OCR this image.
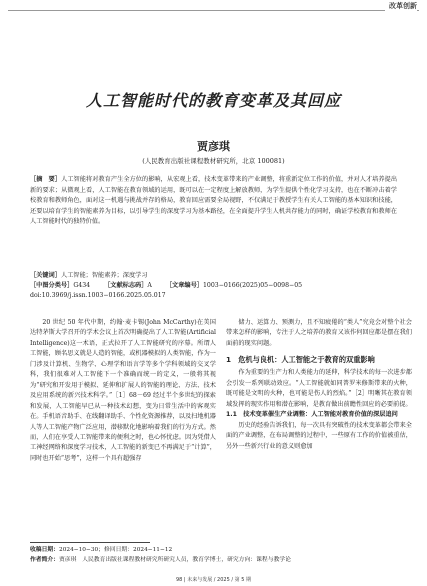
改革创新
人工智能时代的教育变革及其回应
贾彦琪
(人民教育出版社课程教材研究所，北京 100081)
［摘　要］人工智能将对教育产生全方位的影响，从宏观上看，技术变革带来的产业调整，将重新定位工作的价值，并对人才培养提出新的要求；从微观上看，人工智能在教育领域的运用，既可以在一定程度上解放教师，为学生提供个性化学习支持，也在不断冲击着学校教育和教师角色，面对这一机遇与挑战并存的格局，教育回应需要全局视野，不仅满足于教授学生有关人工智能的基本知识和技能，还要以培育学生的智能素养为目标，以引导学生的深度学习为基本路径，在全面提升学生人机共存能力的同时，确证学校教育和教师在人工智能时代的独特价值。
［关键词］人工智能；智能素养；深度学习
［中图分类号］G434 ［文献标志码］A ［文章编号］1003−0166(2025)05−0098−05
doi:10.3969/j.issn.1003−0166.2025.05.017

20 世纪 50 年代中期，约翰·麦卡锡(John McCarthy)在美国达特茅斯大学召开的学术会议上首次明确提出了人工智能(Artificial Intelligence)这一术语，正式拉开了人工智能研究的序幕。所谓人工智能，顾名思义就是人造的智能，或机器模拟的人类智能，作为一门涉及计算机、生物学、心理学和语言学等多个学科领域的交叉学科，我们很难对人工智能下一个准确而统一的定义，一般将其视为“研究和开发用于模拟、延伸和扩展人的智能的理论、方法、技术及应用系统的新兴技术科学。”［1］68－69 经过半个多世纪的探索和发展，人工智能早已从一种技术幻想，变为日常生活中的客观实在。手机语音助手、在线翻译助手、个性化资源推荐，以及扫地机器人等人工智能产物广泛应用，潜移默化地影响着我们的行为方式。然而，人们在享受人工智能带来的便利之时，也心怀忧虑。因为凭借人工神经网络和深度学习技术，人工智能的新变已不再满足于“计算”，同时也开始“思考”，这样一个具有超强存

储力、运算力、预测力，且不知疲倦的“类人”究竟会对整个社会带来怎样的影响，专注于人之培养的教育又该作何回应都是摆在我们面前的现实问题。

1　危机与良机：人工智能之于教育的双重影响

作为重要的生产力和人类能力的延伸，科学技术的每一次进步都会引发一系列联动效应。“人工智能就如同普罗米修斯带来的火种，既可能是文明的火种，也可能是伤人的烈焰。”［2］明晰其在教育领域发挥的现实作用和潜在影响，是教育做出前瞻性回应的必要前提。

1.1　技术变革催生产业调整：人工智能对教育价值的深层追问

历史的经验告诉我们，每一次具有突破性的技术变革都会带来全面的产业调整，在布局调整的过程中，一些原有工作的价值被重估，另外一些新兴行业的意义则愈加

收稿日期：2024−10−30；修回日期：2024−11−12
作者简介：贾彦琪　人民教育出版社课程教材研究所研究人员，教育学博士，研究方向：课程与教学论
98 | 未来与发展 / 2025 / 第 5 期
